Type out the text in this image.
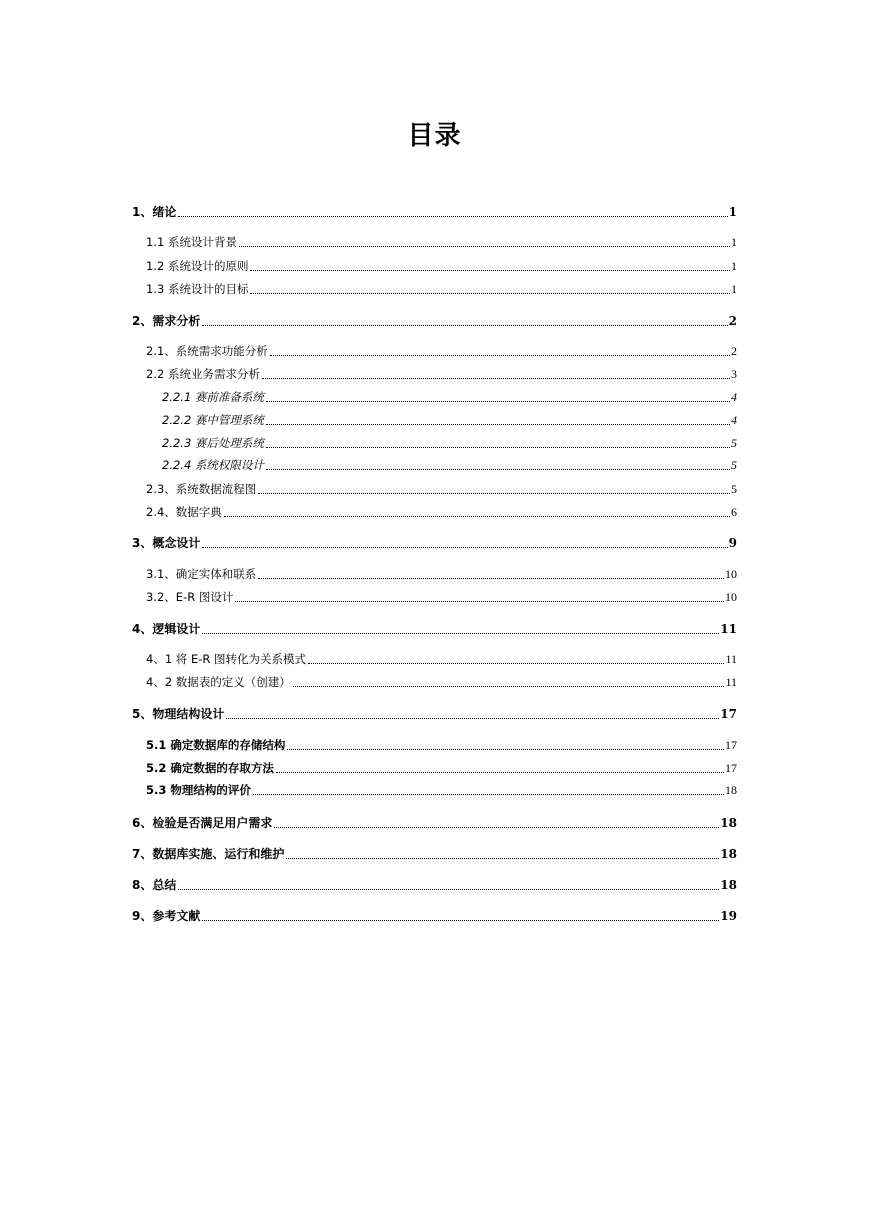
目录
1、绪论	1
1.1 系统设计背景	1
1.2 系统设计的原则	1
1.3 系统设计的目标	1
2、需求分析	2
2.1、系统需求功能分析	2
2.2 系统业务需求分析	3
2.2.1 赛前准备系统	4
2.2.2 赛中管理系统	4
2.2.3 赛后处理系统	5
2.2.4 系统权限设计	5
2.3、系统数据流程图	5
2.4、数据字典	6
3、概念设计	9
3.1、确定实体和联系	10
3.2、E-R 图设计	10
4、逻辑设计	11
4、1 将 E-R 图转化为关系模式	11
4、2 数据表的定义（创建）	11
5、物理结构设计	17
5.1 确定数据库的存储结构	17
5.2 确定数据的存取方法	17
5.3 物理结构的评价	18
6、检验是否满足用户需求	18
7、数据库实施、运行和维护	18
8、总结	18
9、参考文献	19
